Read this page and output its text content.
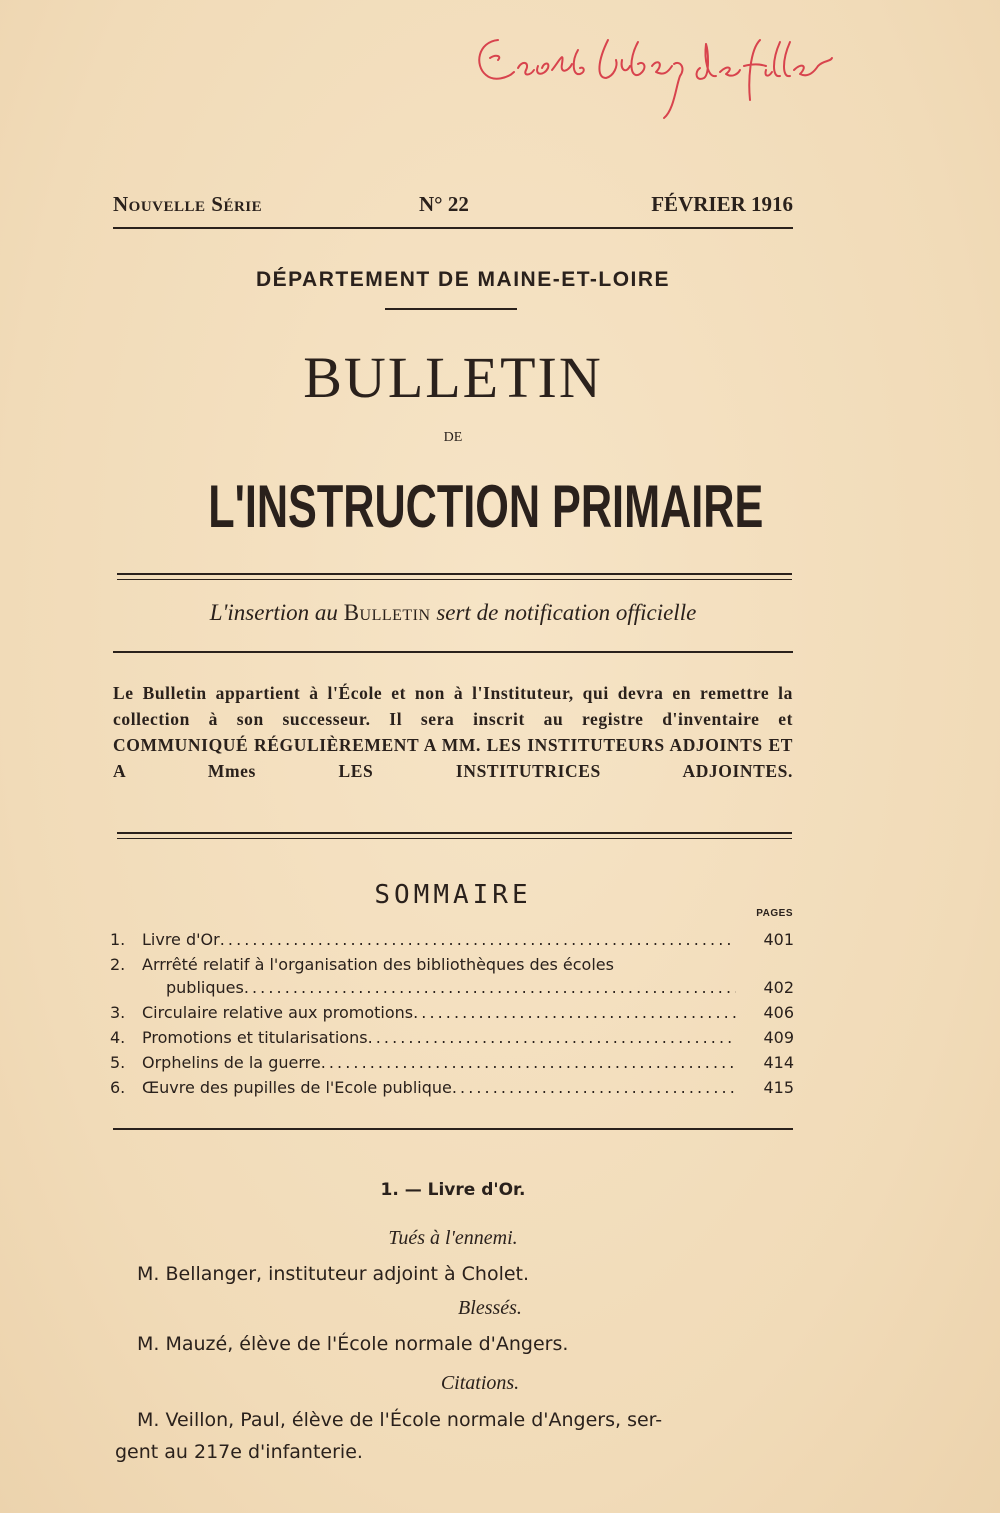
Nouvelle Série	N° 22	FÉVRIER 1916
DÉPARTEMENT DE MAINE-ET-LOIRE
BULLETIN
DE
L'INSTRUCTION PRIMAIRE
L'insertion au Bulletin sert de notification officielle
Le Bulletin appartient à l'École et non à l'Instituteur, qui devra en remettre la collection à son successeur. Il sera inscrit au registre d'inventaire et COMMUNIQUÉ RÉGULIÈREMENT A MM. LES INSTITUTEURS ADJOINTS ET A Mmes LES INSTITUTRICES ADJOINTES.
SOMMAIRE
PAGES
1.	Livre d'Or . . .	401
2.	Arrrêté relatif à l'organisation des bibliothèques des écoles
publiques . . .	402
3.	Circulaire relative aux promotions . . .	406
4.	Promotions et titularisations . . .	409
5.	Orphelins de la guerre . . .	414
6.	Œuvre des pupilles de l'Ecole publique . . .	415
1. — Livre d'Or.
Tués à l'ennemi.
M. Bellanger, instituteur adjoint à Cholet.
Blessés.
M. Mauzé, élève de l'École normale d'Angers.
Citations.
M. Veillon, Paul, élève de l'École normale d'Angers, ser-
gent au 217e d'infanterie.
